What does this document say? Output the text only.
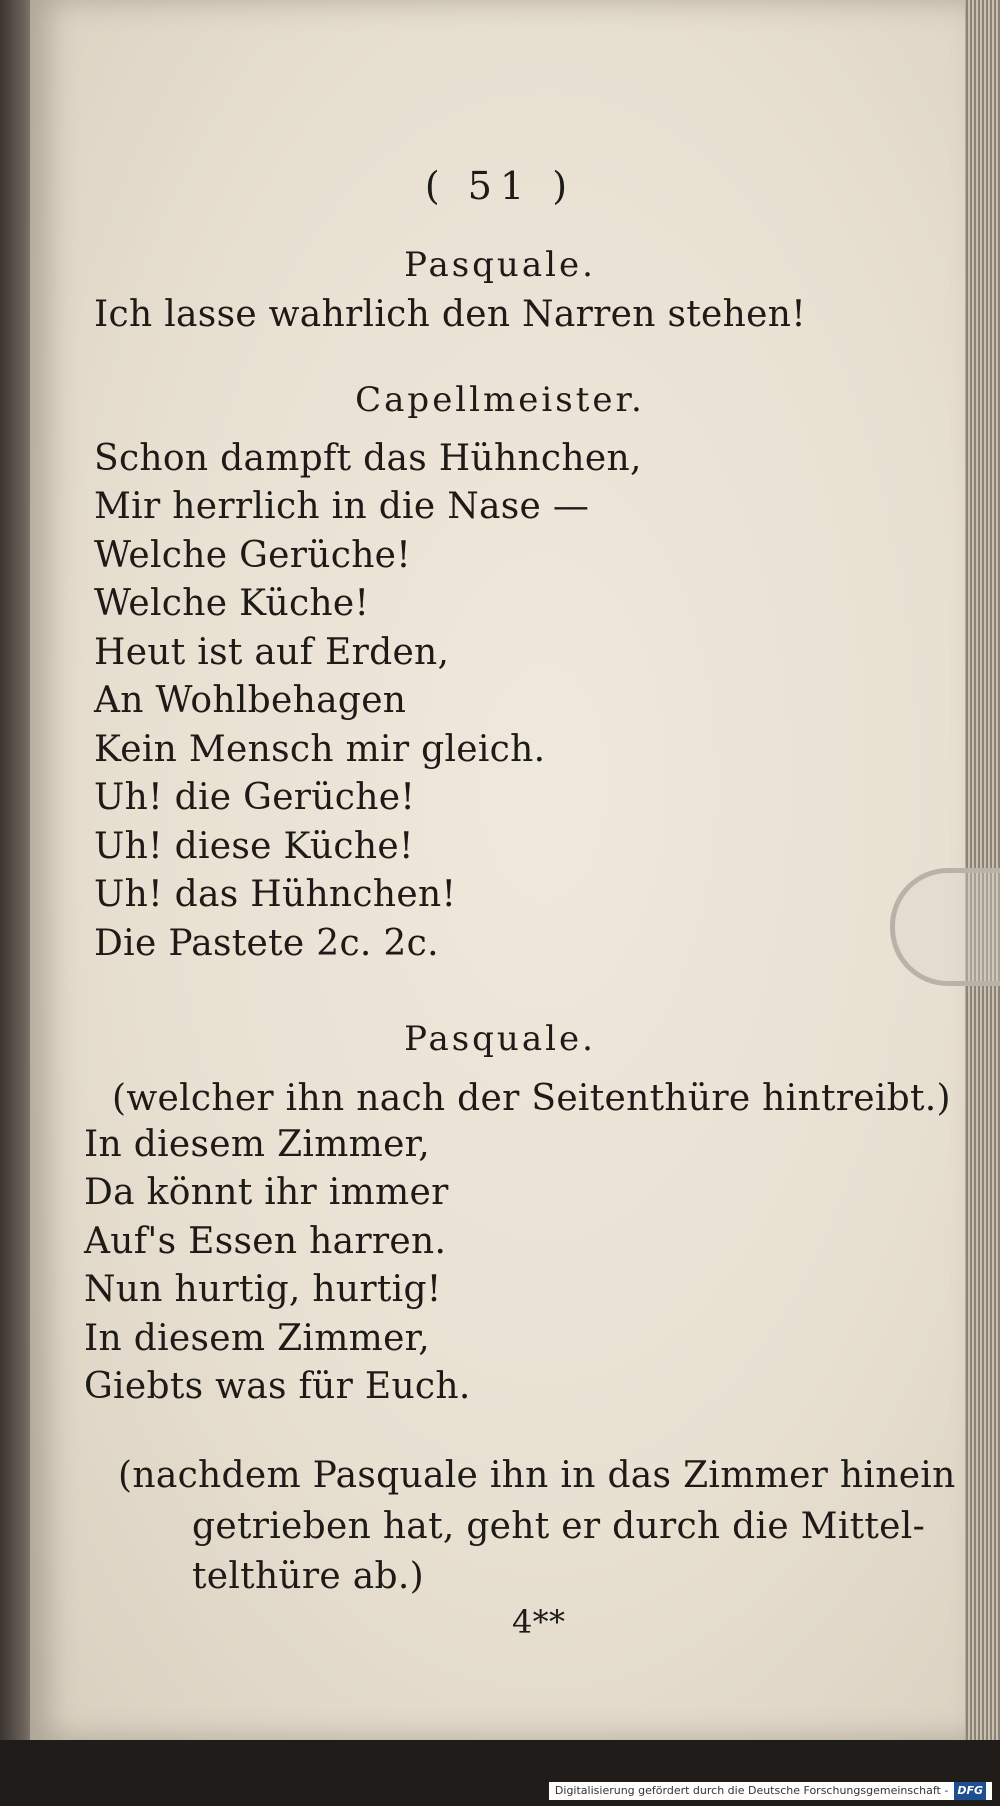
( 51 )
Pasquale.
Ich lasse wahrlich den Narren stehen!
Capellmeister.
Schon dampft das Hühnchen,
Mir herrlich in die Nase —
Welche Gerüche!
Welche Küche!
Heut ist auf Erden,
An Wohlbehagen
Kein Mensch mir gleich.
Uh! die Gerüche!
Uh! diese Küche!
Uh! das Hühnchen!
Die Pastete 2c. 2c.
Pasquale.
(welcher ihn nach der Seitenthüre hintreibt.)
In diesem Zimmer,
Da könnt ihr immer
Auf's Essen harren.
Nun hurtig, hurtig!
In diesem Zimmer,
Giebts was für Euch.
(nachdem Pasquale ihn in das Zimmer hinein
getrieben hat, geht er durch die Mittel-
telthüre ab.)
4**
Digitalisierung gefördert durch die Deutsche Forschungsgemeinschaft - DFG
